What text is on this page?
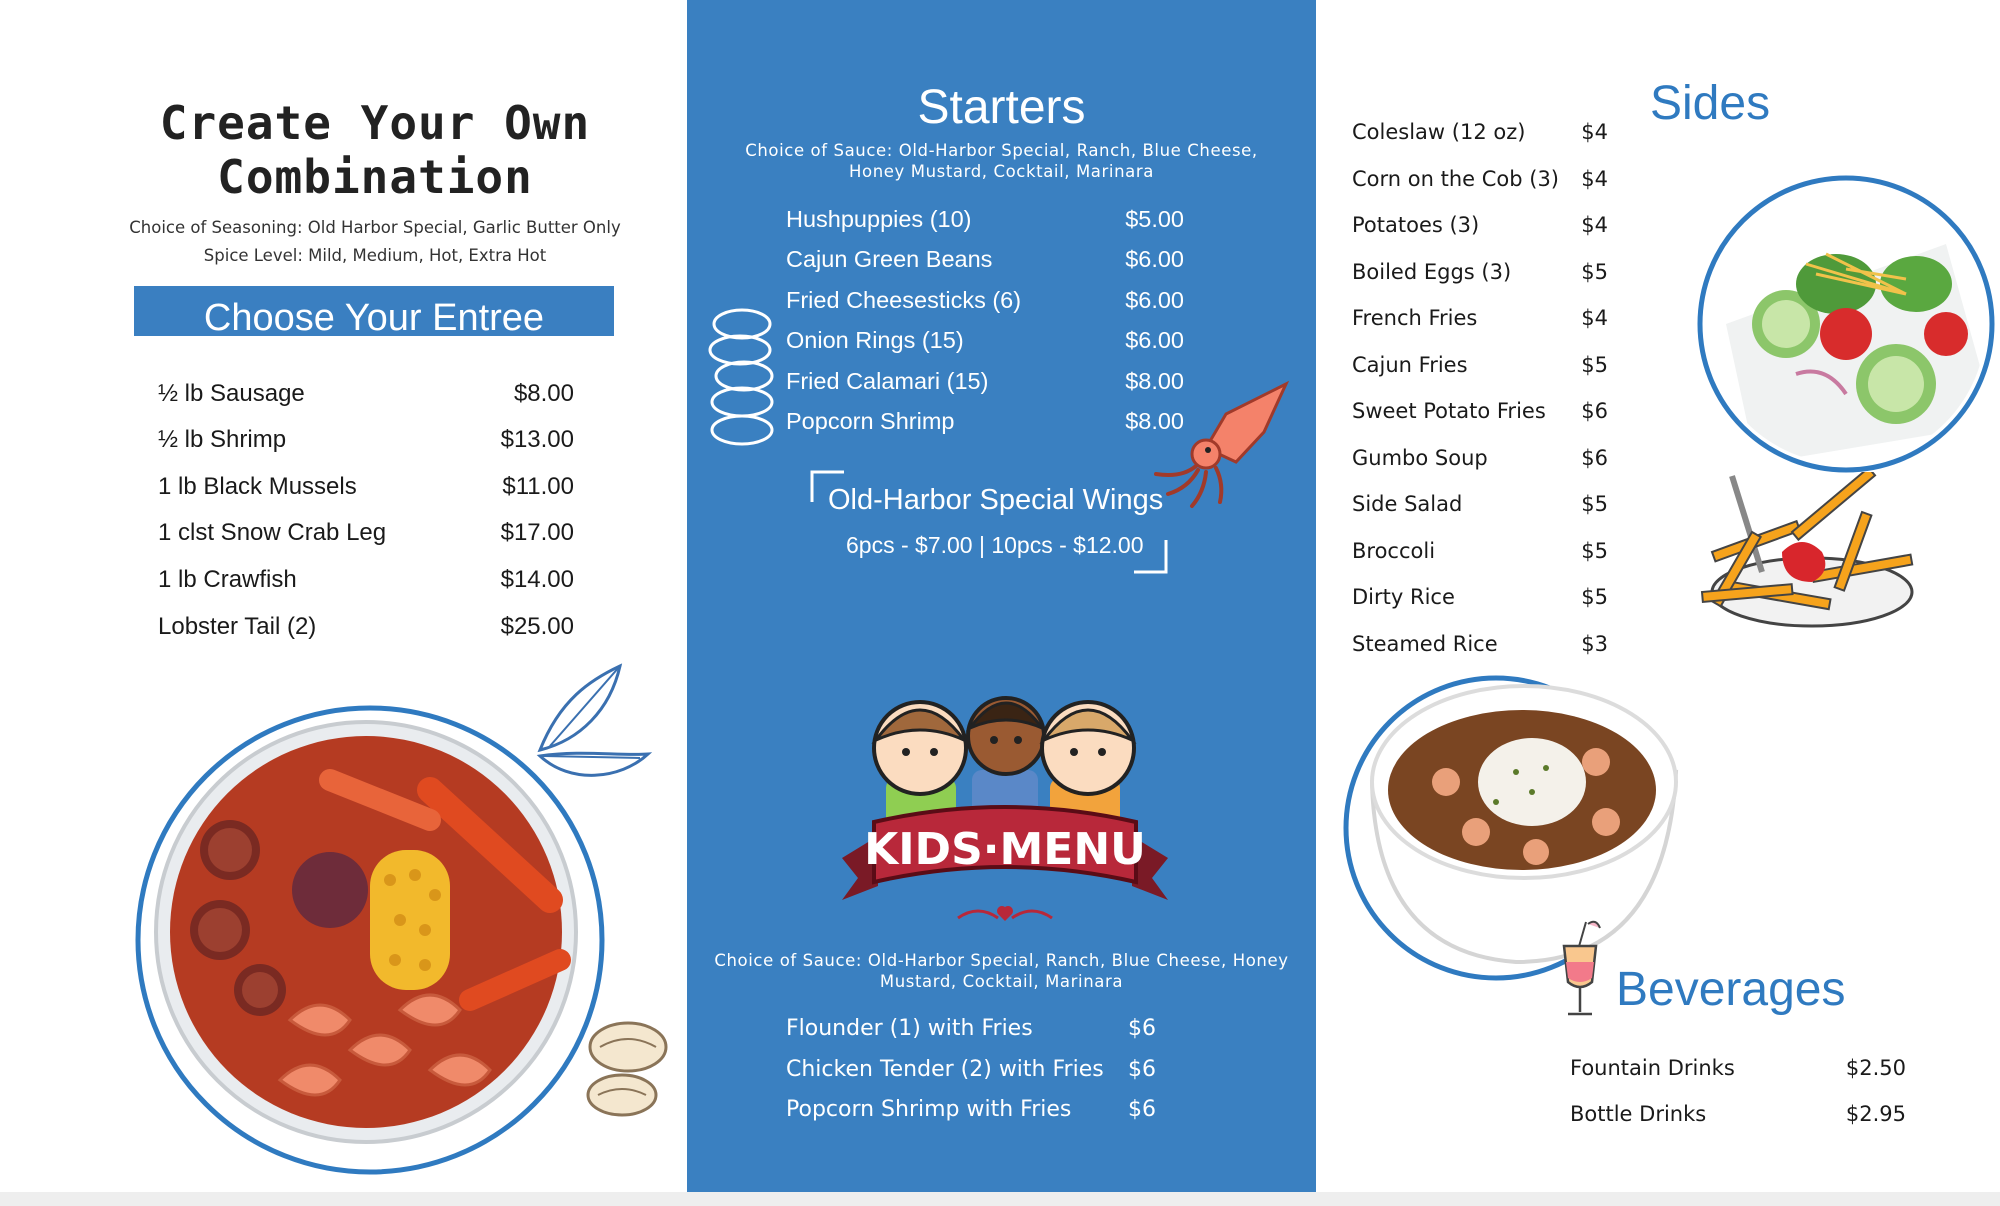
Create Your Own
Combination
Choice of Seasoning: Old Harbor Special, Garlic Butter Only
Spice Level: Mild, Medium, Hot, Extra Hot
Choose Your Entree
½ lb Sausage	$8.00
½ lb Shrimp	$13.00
1 lb Black Mussels	$11.00
1 clst Snow Crab Leg	$17.00
1 lb Crawfish	$14.00
Lobster Tail (2)	$25.00
Starters
Choice of Sauce: Old-Harbor Special, Ranch, Blue Cheese,
Honey Mustard, Cocktail, Marinara
Hushpuppies (10)	$5.00
Cajun Green Beans	$6.00
Fried Cheesesticks (6)	$6.00
Onion Rings (15)	$6.00
Fried Calamari (15)	$8.00
Popcorn Shrimp	$8.00
Old-Harbor Special Wings
6pcs - $7.00 | 10pcs - $12.00
KIDS·MENU
Choice of Sauce: Old-Harbor Special, Ranch, Blue Cheese, Honey
Mustard, Cocktail, Marinara
Flounder (1) with Fries	$6
Chicken Tender (2) with Fries $6
Popcorn Shrimp with Fries	$6
Sides
Coleslaw (12 oz)	$4
Corn on the Cob (3) $4
Potatoes (3)	$4
Boiled Eggs (3)	$5
French Fries	$4
Cajun Fries	$5
Sweet Potato Fries $6
Gumbo Soup	$6
Side Salad	$5
Broccoli	$5
Dirty Rice	$5
Steamed Rice	$3
Beverages
Fountain Drinks	$2.50
Bottle Drinks	$2.95
